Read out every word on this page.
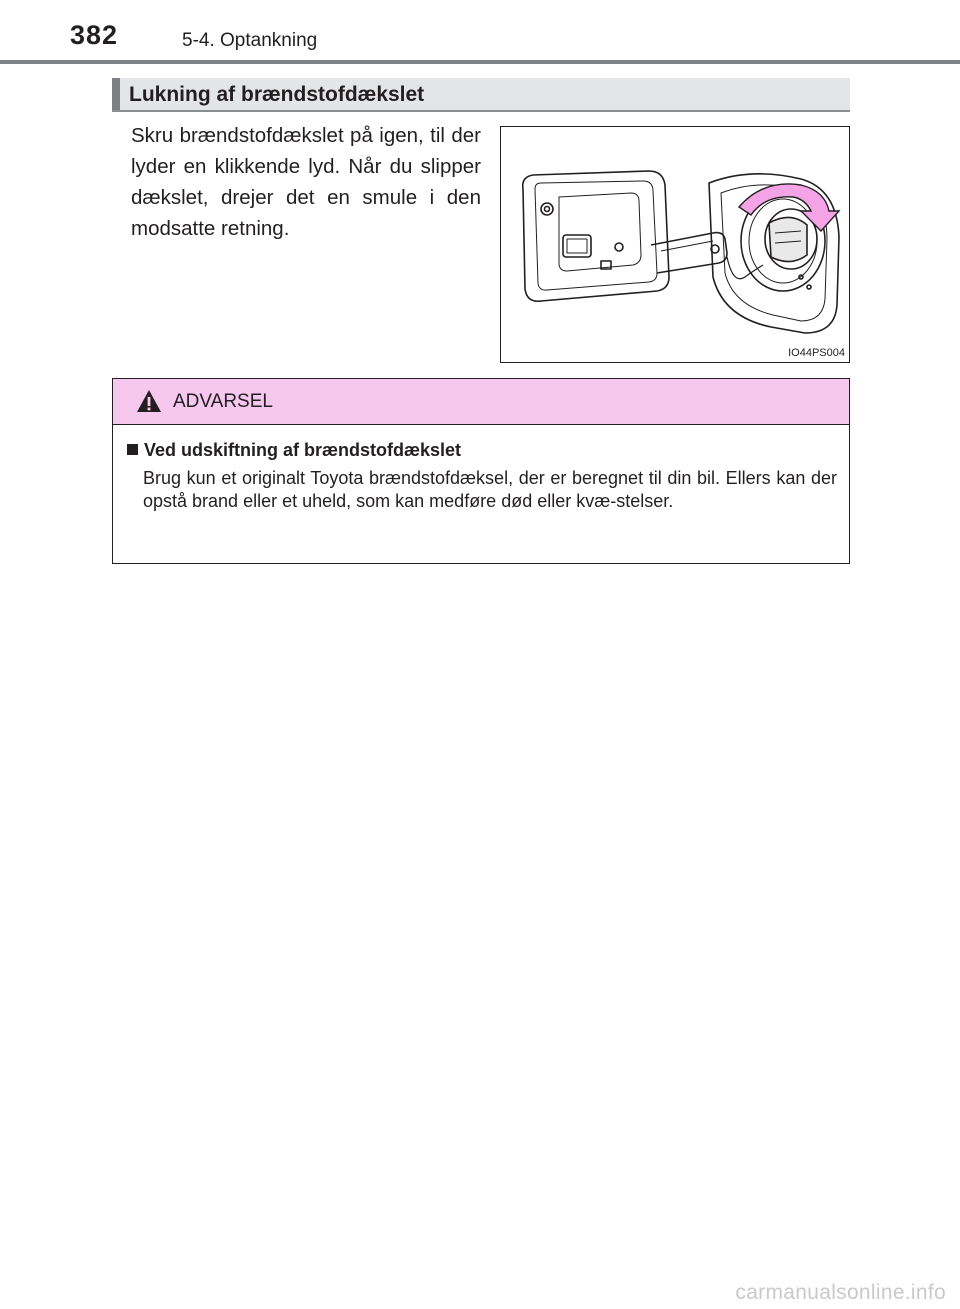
382	5-4. Optankning
Lukning af brændstofdækslet
Skru brændstofdækslet på igen, til der lyder en klikkende lyd. Når du slipper dækslet, drejer det en smule i den modsatte retning.
IO44PS004
ADVARSEL
Ved udskiftning af brændstofdækslet
Brug kun et originalt Toyota brændstofdæksel, der er beregnet til din bil. Ellers kan der opstå brand eller et uheld, som kan medføre død eller kvæ-stelser.
carmanualsonline.info
